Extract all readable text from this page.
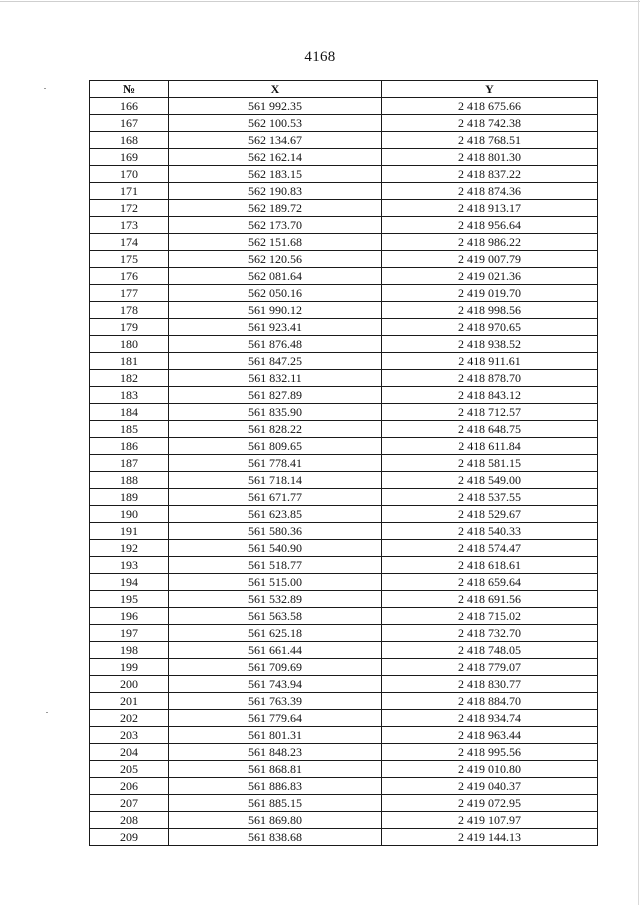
4168
№	X	Y
166	561 992.35	2 418 675.66
167	562 100.53	2 418 742.38
168	562 134.67	2 418 768.51
169	562 162.14	2 418 801.30
170	562 183.15	2 418 837.22
171	562 190.83	2 418 874.36
172	562 189.72	2 418 913.17
173	562 173.70	2 418 956.64
174	562 151.68	2 418 986.22
175	562 120.56	2 419 007.79
176	562 081.64	2 419 021.36
177	562 050.16	2 419 019.70
178	561 990.12	2 418 998.56
179	561 923.41	2 418 970.65
180	561 876.48	2 418 938.52
181	561 847.25	2 418 911.61
182	561 832.11	2 418 878.70
183	561 827.89	2 418 843.12
184	561 835.90	2 418 712.57
185	561 828.22	2 418 648.75
186	561 809.65	2 418 611.84
187	561 778.41	2 418 581.15
188	561 718.14	2 418 549.00
189	561 671.77	2 418 537.55
190	561 623.85	2 418 529.67
191	561 580.36	2 418 540.33
192	561 540.90	2 418 574.47
193	561 518.77	2 418 618.61
194	561 515.00	2 418 659.64
195	561 532.89	2 418 691.56
196	561 563.58	2 418 715.02
197	561 625.18	2 418 732.70
198	561 661.44	2 418 748.05
199	561 709.69	2 418 779.07
200	561 743.94	2 418 830.77
201	561 763.39	2 418 884.70
202	561 779.64	2 418 934.74
203	561 801.31	2 418 963.44
204	561 848.23	2 418 995.56
205	561 868.81	2 419 010.80
206	561 886.83	2 419 040.37
207	561 885.15	2 419 072.95
208	561 869.80	2 419 107.97
209	561 838.68	2 419 144.13
